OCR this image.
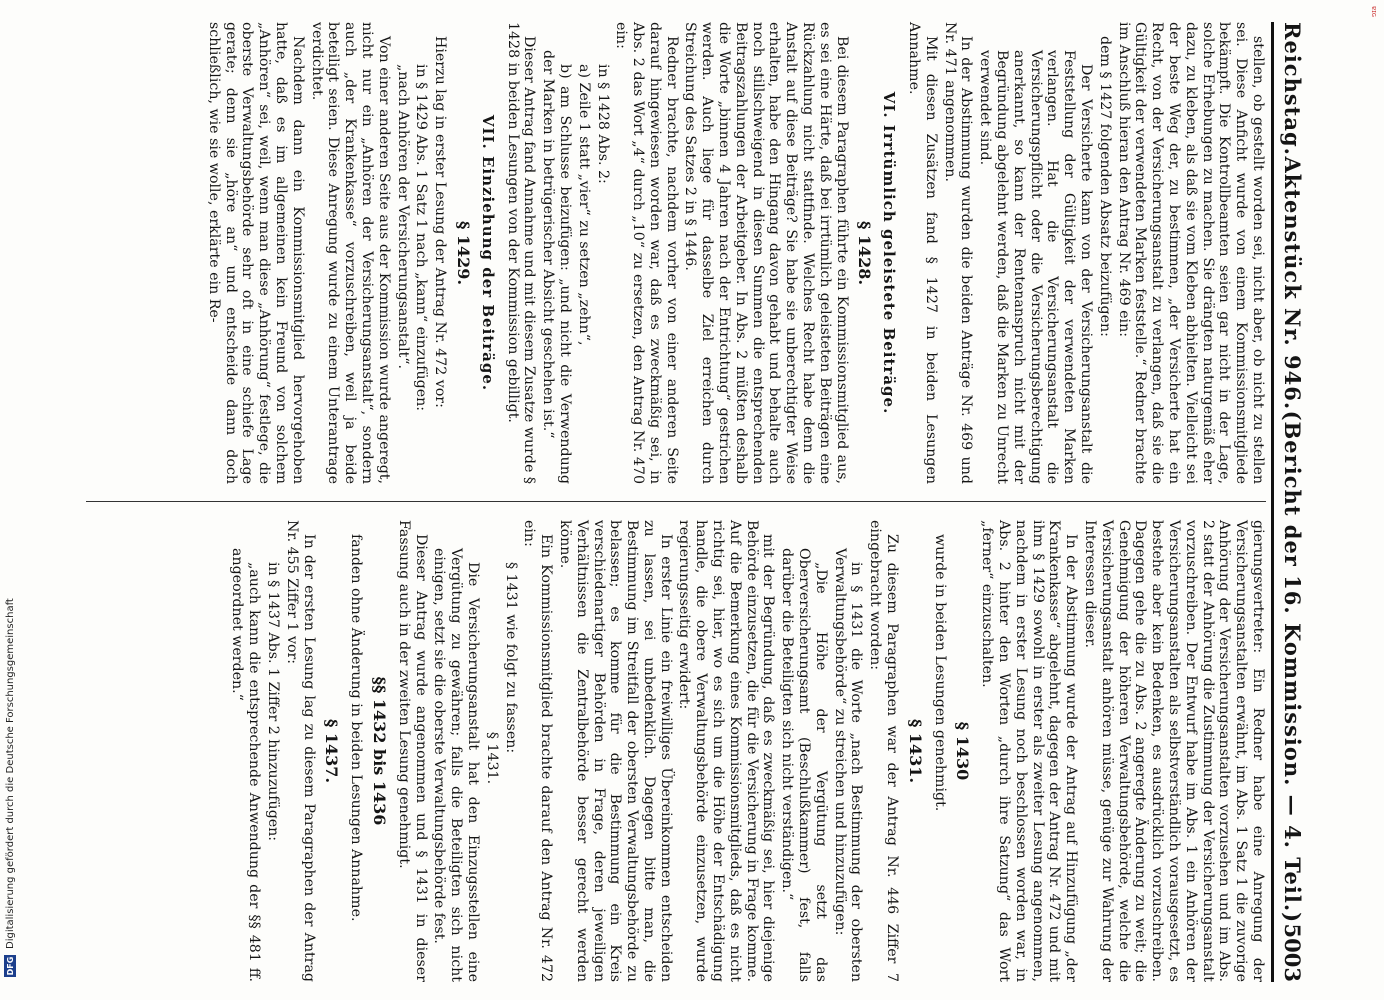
Reichstag.
Aktenstück Nr. 946.
(Bericht der 16. Kommission. — 4. Teil.)
5003

stellen, ob gestellt worden sei, nicht aber, ob nicht zu stellen sei. Diese Anficht wurde von einem Kommissionsmitgliede bekämpft. Die Kontrollbeamten seien gar nicht in der Lage, solche Erhebungen zu machen. Sie drängten naturgemäß eher dazu, zu kleben, als daß sie vom Kleben abhielten. Vielleicht sei der beste Weg der, zu bestimmen, „der Versicherte hat ein Recht, von der Versicherungsanstalt zu verlangen, daß sie die Gültigkeit der verwendeten Marken feststelle.“ Redner brachte im Anschluß hieran den Antrag Nr. 469 ein:

dem § 1427 folgenden Absatz beizufügen:

Der Versicherte kann von der Versicherungsanstalt die Feststellung der Gültigkeit der verwendeten Marken verlangen. Hat die Versicherungsanstalt die Versicherungspflicht oder die Versicherungsberechtigung anerkannt, so kann der Rentenanspruch nicht mit der Begründung abgelehnt werden, daß die Marken zu Unrecht verwendet sind.

In der Abstimmung wurden die beiden Anträge Nr. 469 und Nr. 471 angenommen.

Mit diesen Zusätzen fand § 1427 in beiden Lesungen Annahme.

VI. Irrtümlich geleistete Beiträge.
§ 1428.

Bei diesem Paragraphen führte ein Kommissionsmitglied aus, es sei eine Härte, daß bei irrtümlich geleisteten Beiträgen eine Rückzahlung nicht stattfinde. Welches Recht habe denn die Anstalt auf diese Beiträge? Sie habe sie unberechtigter Weise erhalten, habe den Hingang davon gehabt und behalte auch noch stillschweigend in diesen Summen die entsprechenden Beitragszahlungen der Arbeitgeber. In Abs. 2 müßten deshalb die Worte „binnen 4 Jahren nach der Entrichtung“ gestrichen werden. Auch liege für dasselbe Ziel erreichen durch Streichung des Satzes 2 in § 1446.

Redner brachte, nachdem vorher von einer anderen Seite darauf hingewiesen worden war, daß es zweckmäßig sei, in Abs. 2 das Wort „4“ durch „10“ zu ersetzen, den Antrag Nr. 470 ein:

in § 1428 Abs. 2:

a) Zeile 1 statt „vier“ zu setzen „zehn“,

b) am Schlusse beizufügen: „und nicht die Verwendung der Marken in betrügerischer Absicht geschehen ist.“

Dieser Antrag fand Annahme und mit diesem Zusatze wurde § 1428 in beiden Lesungen von der Kommission gebilligt.

VII. Einziehung der Beiträge.
§ 1429.

Hierzu lag in erster Lesung der Antrag Nr. 472 vor:

in § 1429 Abs. 1 Satz 1 nach „kann“ einzufügen:

„nach Anhören der Versicherungsanstalt“.

Von einer anderen Seite aus der Kommission wurde angeregt, nicht nur ein „Anhören der Versicherungsanstalt“, sondern auch „der Krankenkasse“ vorzuschreiben, weil ja beide beteiligt seien. Diese Anregung wurde zu einem Unterantrage verdichtet.

Nachdem dann ein Kommissionsmitglied hervorgehoben hatte, daß es im allgemeinen kein Freund von solchem „Anhören“ sei, weil, wenn man diese „Anhörung“ festlege, die oberste Verwaltungsbehörde sehr oft in eine schiefe Lage gerate; denn sie „höre an“ und entscheide dann doch schließlich, wie sie wolle, erklärte ein Re-

gierungsvertreter: Ein Redner habe eine Anregung der Versicherungsanstalten erwähnt, im Abs. 1 Satz 1 die zuvorige Anhörung der Versicherungsanstalten vorzusehen und im Abs. 2 statt der Anhörung die Zustimmung der Versicherungsanstalt vorzuschreiben. Der Entwurf habe im Abs. 1 ein Anhören der Versicherungsanstalten als selbstverständlich vorausgesetzt, es bestehe aber kein Bedenken, es ausdrücklich vorzuschreiben. Dagegen gehe die zu Abs. 2 angeregte Änderung zu weit; die Genehmigung der höheren Verwaltungsbehörde, welche die Versicherungsanstalt anhören müsse, genüge zur Wahrung der Interessen dieser.

In der Abstimmung wurde der Antrag auf Hinzufügung „der Krankenkasse“ abgelehnt, dagegen der Antrag Nr. 472 und mit ihm § 1429 sowohl in erster als zweiter Lesung angenommen, nachdem in erster Lesung noch beschlossen worden war, in Abs. 2 hinter den Worten „durch ihre Satzung“ das Wort „ferner“ einzuschalten.

§ 1430

wurde in beiden Lesungen genehmigt.

§ 1431.

Zu diesem Paragraphen war der Antrag Nr. 446 Ziffer 7 eingebracht worden:

in § 1431 die Worte „nach Bestimmung der obersten Verwaltungsbehörde“ zu streichen und hinzuzufügen:

„Die Höhe der Vergütung setzt das Oberversicherungsamt (Beschlußkammer) fest, falls darüber die Beteiligten sich nicht verständigen.“

mit der Begründung, daß es zweckmäßig sei, hier diejenige Behörde einzusetzen, die für die Versicherung in Frage komme. Auf die Bemerkung eines Kommissionsmitglieds, daß es nicht richtig sei, hier, wo es sich um die Höhe der Entschädigung handle, die obere Verwaltungsbehörde einzusetzen, wurde regierungsseitig erwidert:

In erster Linie ein freiwilliges Übereinkommen entscheiden zu lassen, sei unbedenklich. Dagegen bitte man, die Bestimmung im Streitfall der obersten Verwaltungsbehörde zu belassen; es komme für die Bestimmung ein Kreis verschiedenartiger Behörden in Frage, deren jeweiligen Verhältnissen die Zentralbehörde besser gerecht werden könne.

Ein Kommissionsmitglied brachte darauf den Antrag Nr. 472 ein:

§ 1431 wie folgt zu fassen:

§ 1431.

Die Versicherungsanstalt hat den Einzugsstellen eine Vergütung zu gewähren; falls die Beteiligten sich nicht einigen, setzt sie die oberste Verwaltungsbehörde fest.

Dieser Antrag wurde angenommen und § 1431 in dieser Fassung auch in der zweiten Lesung genehmigt.

§§ 1432 bis 1436

fanden ohne Änderung in beiden Lesungen Annahme.

§ 1437.

In der ersten Lesung lag zu diesem Paragraphen der Antrag Nr. 455 Ziffer 1 vor:

in § 1437 Abs. 1 Ziffer 2 hinzuzufügen:

„auch kann die entsprechende Anwendung der §§ 481 ff. angeordnet werden.“

DFG
Digitalisierung gefördert durch die Deutsche Forschungsgemeinschaft
ɐɪɢ
